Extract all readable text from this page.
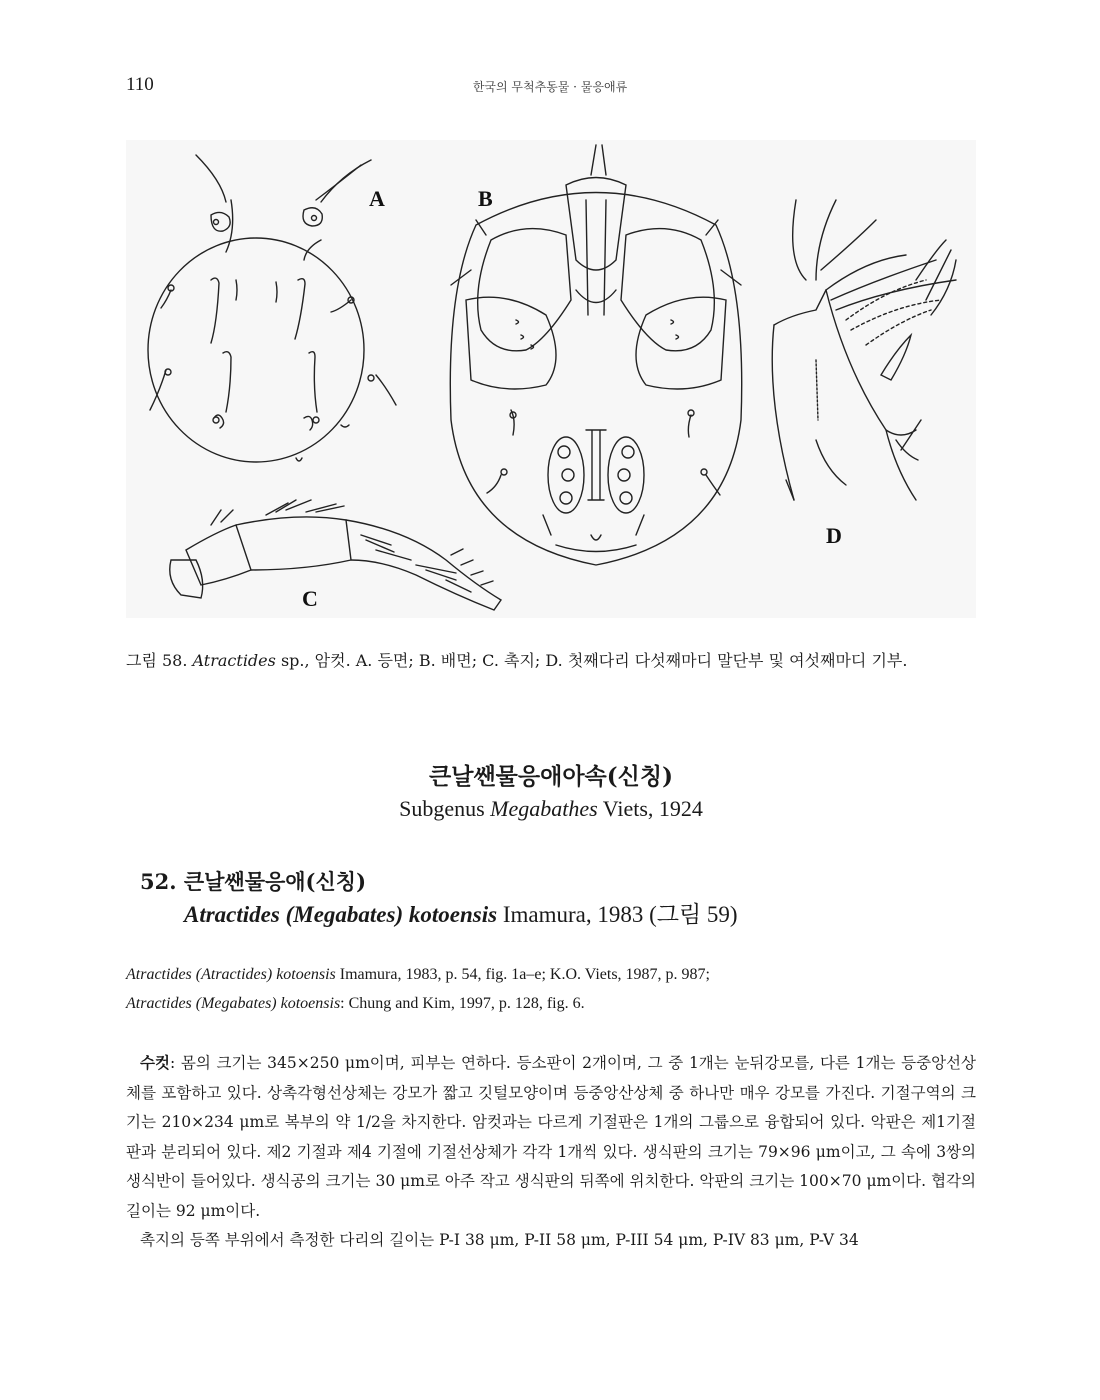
110	한국의 무척추동물 · 물응애류
A	B
C
D
그림 58. Atractides sp., 암컷. A. 등면; B. 배면; C. 촉지; D. 첫째다리 다섯째마디 말단부 및 여섯째마디 기부.
큰날쌘물응애아속(신칭)
Subgenus Megabathes Viets, 1924
52. 큰날쌘물응애(신칭)
Atractides (Megabates) kotoensis Imamura, 1983 (그림 59)
Atractides (Atractides) kotoensis Imamura, 1983, p. 54, fig. 1a–e; K.O. Viets, 1987, p. 987;
Atractides (Megabates) kotoensis: Chung and Kim, 1997, p. 128, fig. 6.

수컷: 몸의 크기는 345×250 μm이며, 피부는 연하다. 등소판이 2개이며, 그 중 1개는 눈뒤강모를, 다른 1개는 등중앙선상체를 포함하고 있다. 상촉각형선상체는 강모가 짧고 깃털모양이며 등중앙산상체 중 하나만 매우 강모를 가진다. 기절구역의 크기는 210×234 μm로 복부의 약 1/2을 차지한다. 암컷과는 다르게 기절판은 1개의 그룹으로 융합되어 있다. 악판은 제1기절판과 분리되어 있다. 제2 기절과 제4 기절에 기절선상체가 각각 1개씩 있다. 생식판의 크기는 79×96 μm이고, 그 속에 3쌍의 생식반이 들어있다. 생식공의 크기는 30 μm로 아주 작고 생식판의 뒤쪽에 위치한다. 악판의 크기는 100×70 μm이다. 협각의 길이는 92 μm이다.

촉지의 등쪽 부위에서 측정한 다리의 길이는 P-I 38 μm, P-II 58 μm, P-III 54 μm, P-IV 83 μm, P-V 34
